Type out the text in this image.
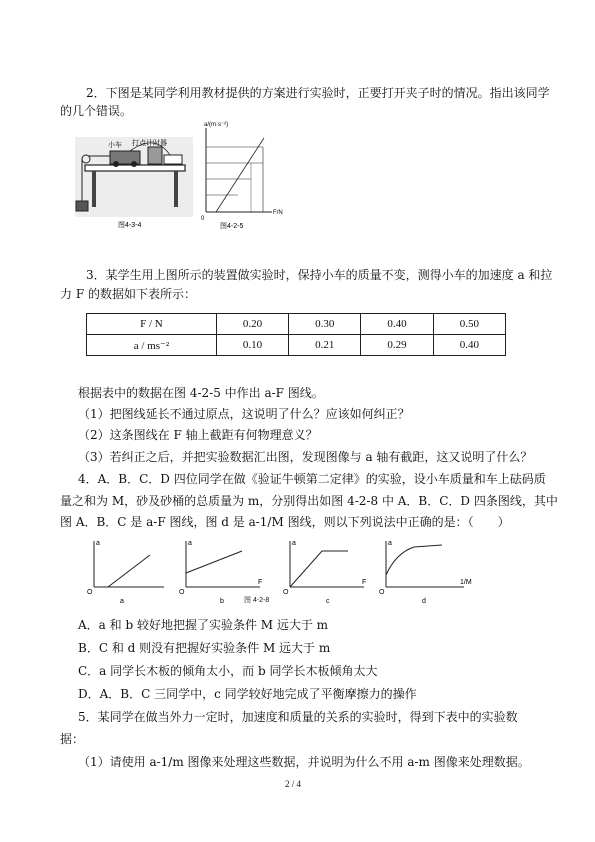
2．下图是某同学利用教材提供的方案进行实验时，正要打开夹子时的情况。指出该同学
的几个错误。
小车 打点计时器
图4-3-4
a/(m·s⁻²)
F/N
0
图4-2-5
3．某学生用上图所示的装置做实验时，保持小车的质量不变，测得小车的加速度 a 和拉
力 F 的数据如下表所示：
F / N	0.20	0.30	0.40	0.50
a / ms⁻²	0.10	0.21	0.29	0.40
根据表中的数据在图 4-2-5 中作出 a-F 图线。
（1）把图线延长不通过原点，这说明了什么？应该如何纠正？
（2）这条图线在 F 轴上截距有何物理意义？
（3）若纠正之后，并把实验数据汇出图，发现图像与 a 轴有截距，这又说明了什么？
4．A．B．C．D 四位同学在做《验证牛顿第二定律》的实验，设小车质量和车上砝码质
量之和为 M，砂及砂桶的总质量为 m，分别得出如图 4-2-8 中 A．B．C．D 四条图线，其中
图 A．B．C 是 a-F 图线，图 d 是 a-1/M 图线，则以下列说法中正确的是：（　　）
a
O
a
a
F
O
b
a
F
O
c
a
1/M
O
d
图 4-2-8
A．a 和 b 较好地把握了实验条件 M 远大于 m
B．C 和 d 则没有把握好实验条件 M 远大于 m
C．a 同学长木板的倾角太小，而 b 同学长木板倾角太大
D．A．B．C 三同学中，c 同学较好地完成了平衡摩擦力的操作
5．某同学在做当外力一定时，加速度和质量的关系的实验时，得到下表中的实验数
据：
（1）请使用 a-1/m 图像来处理这些数据，并说明为什么不用 a-m 图像来处理数据。
2 / 4
